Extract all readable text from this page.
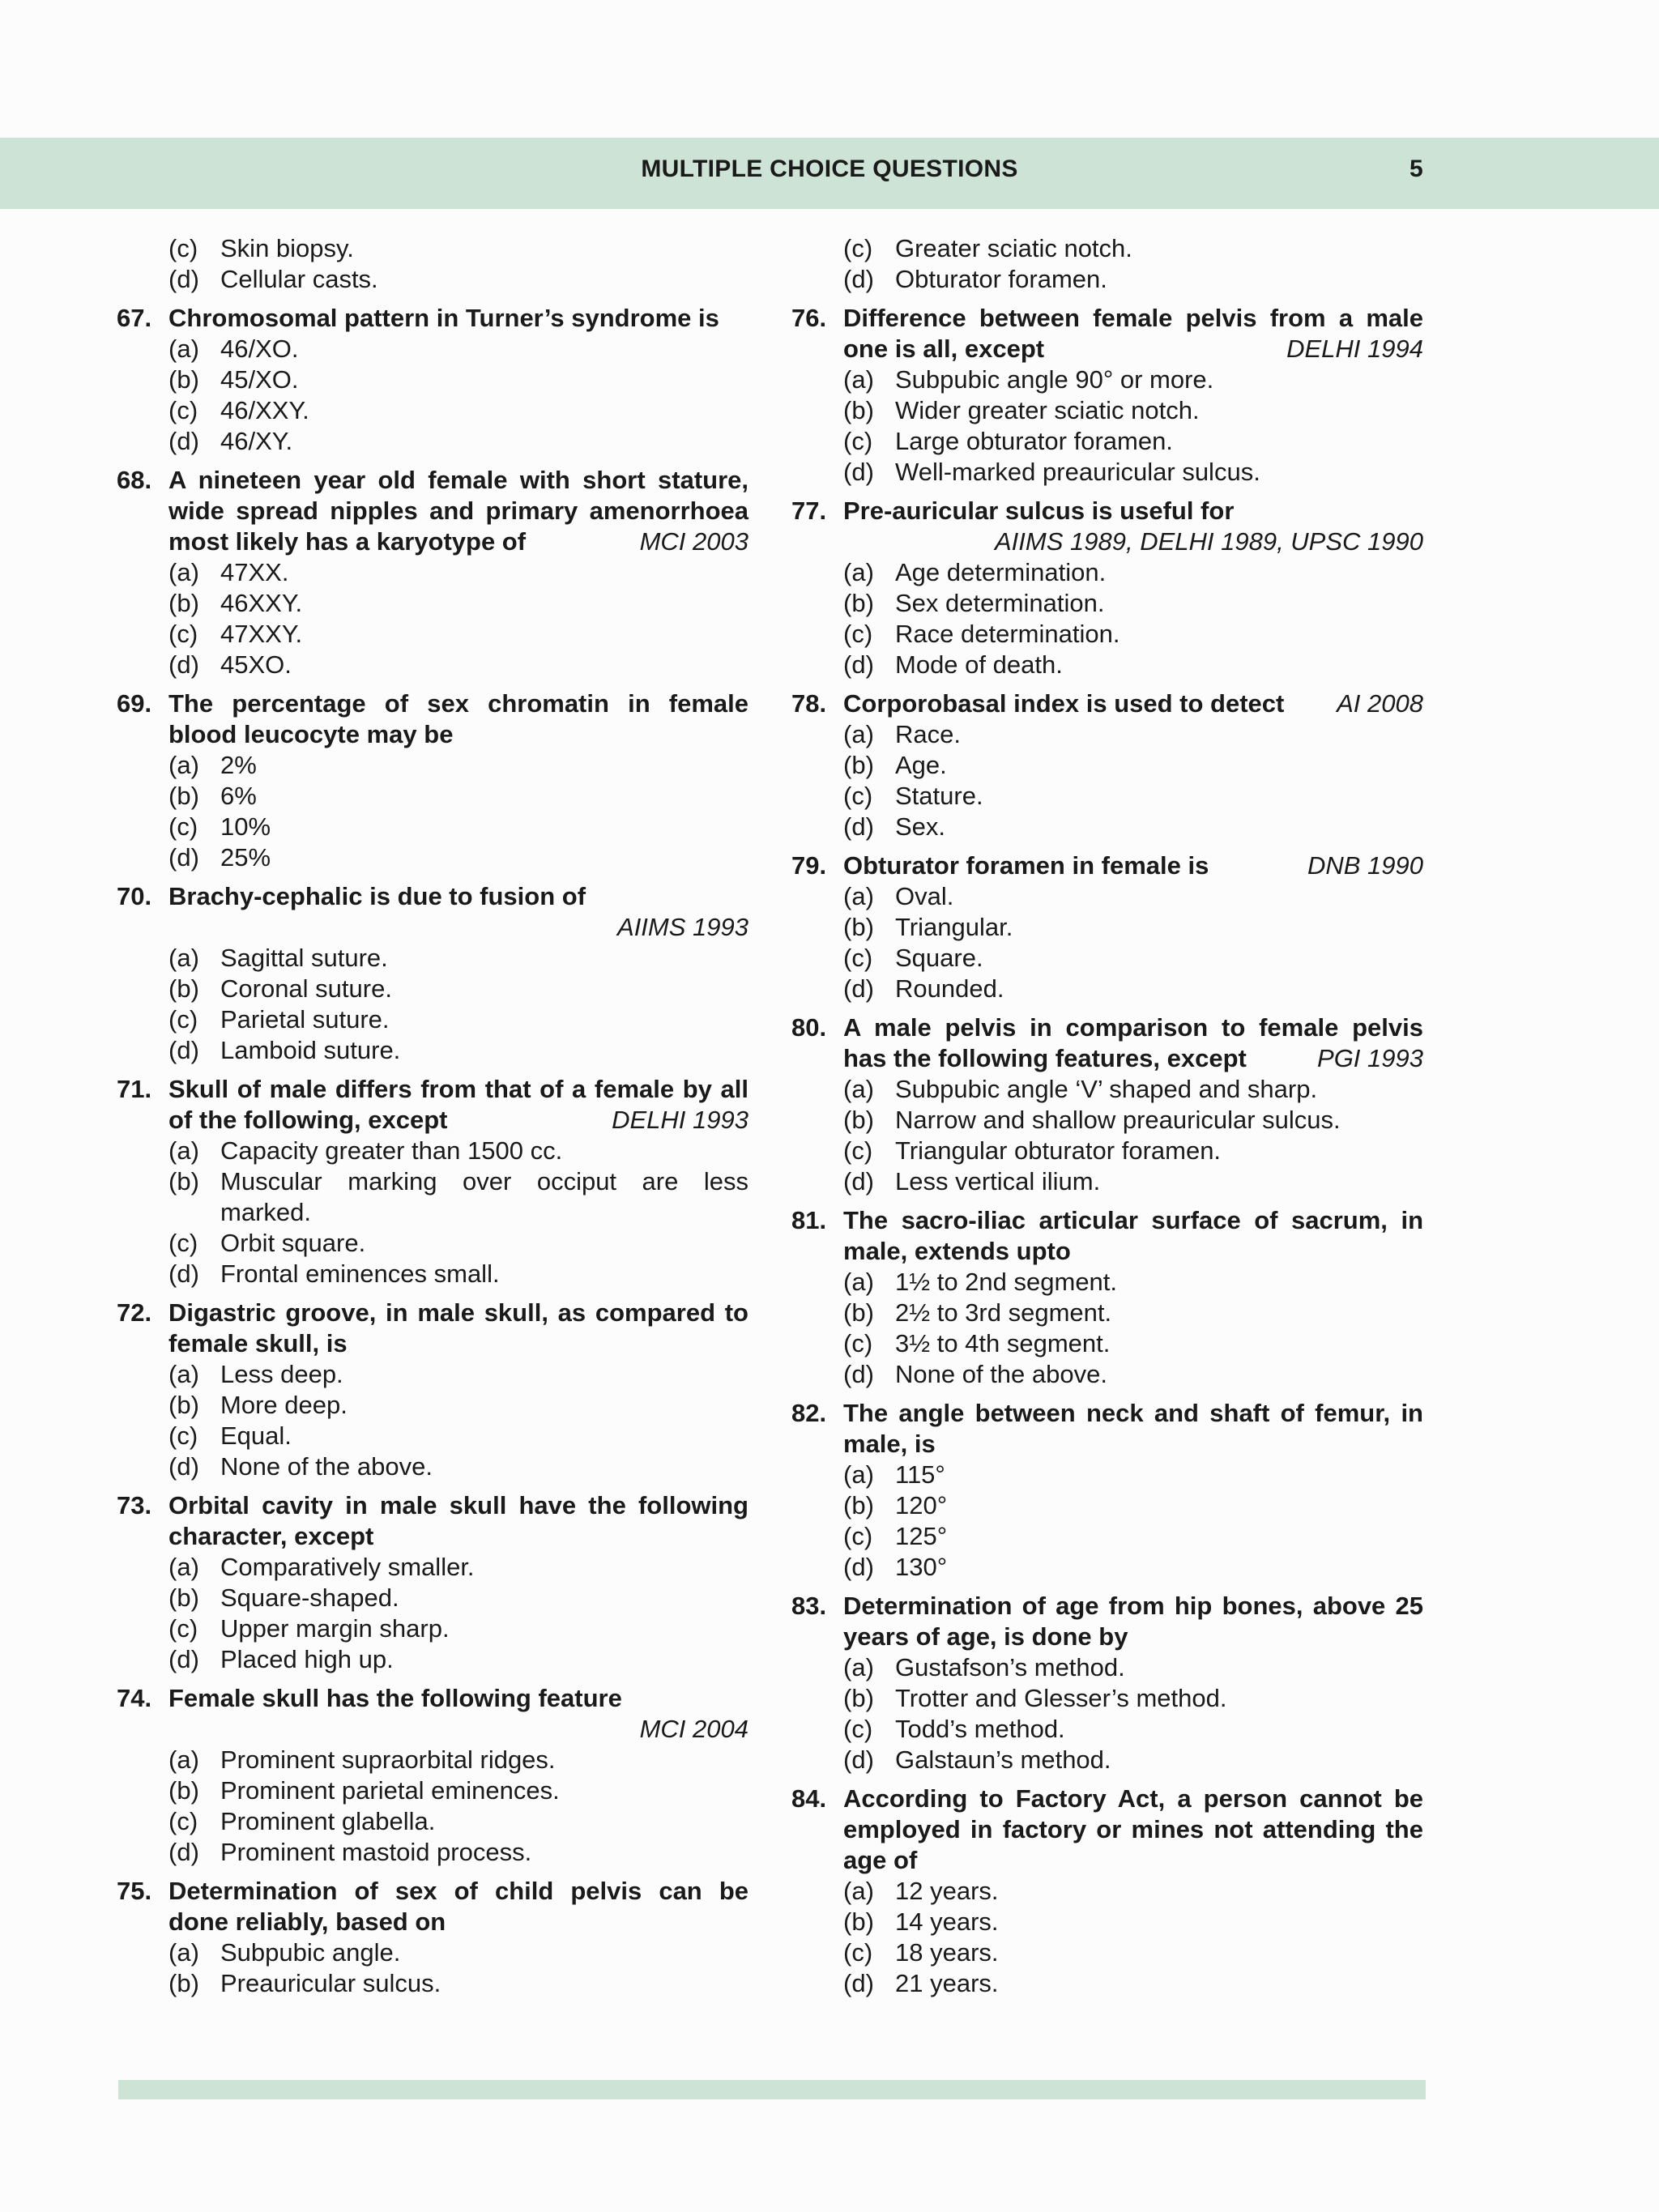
MULTIPLE CHOICE QUESTIONS	5
(c) Skin biopsy.
(d) Cellular casts.
67. Chromosomal pattern in Turner’s syndrome is
(a) 46/XO.
(b) 45/XO.
(c) 46/XXY.
(d) 46/XY.
68. A nineteen year old female with short stature,
wide spread nipples and primary amenorrhoea
most likely has a karyotype of	MCI 2003
(a) 47XX.
(b) 46XXY.
(c) 47XXY.
(d) 45XO.
69. The percentage of sex chromatin in female
blood leucocyte may be
(a) 2%
(b) 6%
(c) 10%
(d) 25%
70. Brachy-cephalic is due to fusion of
AIIMS 1993
(a) Sagittal suture.
(b) Coronal suture.
(c) Parietal suture.
(d) Lamboid suture.
71. Skull of male differs from that of a female by all
of the following, except	DELHI 1993
(a) Capacity greater than 1500 cc.
(b) Muscular marking over occiput are less
marked.
(c) Orbit square.
(d) Frontal eminences small.
72. Digastric groove, in male skull, as compared to
female skull, is
(a) Less deep.
(b) More deep.
(c) Equal.
(d) None of the above.
73. Orbital cavity in male skull have the following
character, except
(a) Comparatively smaller.
(b) Square-shaped.
(c) Upper margin sharp.
(d) Placed high up.
74. Female skull has the following feature
MCI 2004
(a) Prominent supraorbital ridges.
(b) Prominent parietal eminences.
(c) Prominent glabella.
(d) Prominent mastoid process.
75. Determination of sex of child pelvis can be
done reliably, based on
(a) Subpubic angle.
(b) Preauricular sulcus.
(c) Greater sciatic notch.
(d) Obturator foramen.
76. Difference between female pelvis from a male
one is all, except	DELHI 1994
(a) Subpubic angle 90° or more.
(b) Wider greater sciatic notch.
(c) Large obturator foramen.
(d) Well-marked preauricular sulcus.
77. Pre-auricular sulcus is useful for
AIIMS 1989, DELHI 1989, UPSC 1990
(a) Age determination.
(b) Sex determination.
(c) Race determination.
(d) Mode of death.
78. Corporobasal index is used to detect AI 2008
(a) Race.
(b) Age.
(c) Stature.
(d) Sex.
79. Obturator foramen in female is	DNB 1990
(a) Oval.
(b) Triangular.
(c) Square.
(d) Rounded.
80. A male pelvis in comparison to female pelvis
has the following features, except	PGI 1993
(a) Subpubic angle ‘V’ shaped and sharp.
(b) Narrow and shallow preauricular sulcus.
(c) Triangular obturator foramen.
(d) Less vertical ilium.
81. The sacro-iliac articular surface of sacrum, in
male, extends upto
(a) 1½ to 2nd segment.
(b) 2½ to 3rd segment.
(c) 3½ to 4th segment.
(d) None of the above.
82. The angle between neck and shaft of femur, in
male, is
(a) 115°
(b) 120°
(c) 125°
(d) 130°
83. Determination of age from hip bones, above 25
years of age, is done by
(a) Gustafson’s method.
(b) Trotter and Glesser’s method.
(c) Todd’s method.
(d) Galstaun’s method.
84. According to Factory Act, a person cannot be
employed in factory or mines not attending the
age of
(a) 12 years.
(b) 14 years.
(c) 18 years.
(d) 21 years.
